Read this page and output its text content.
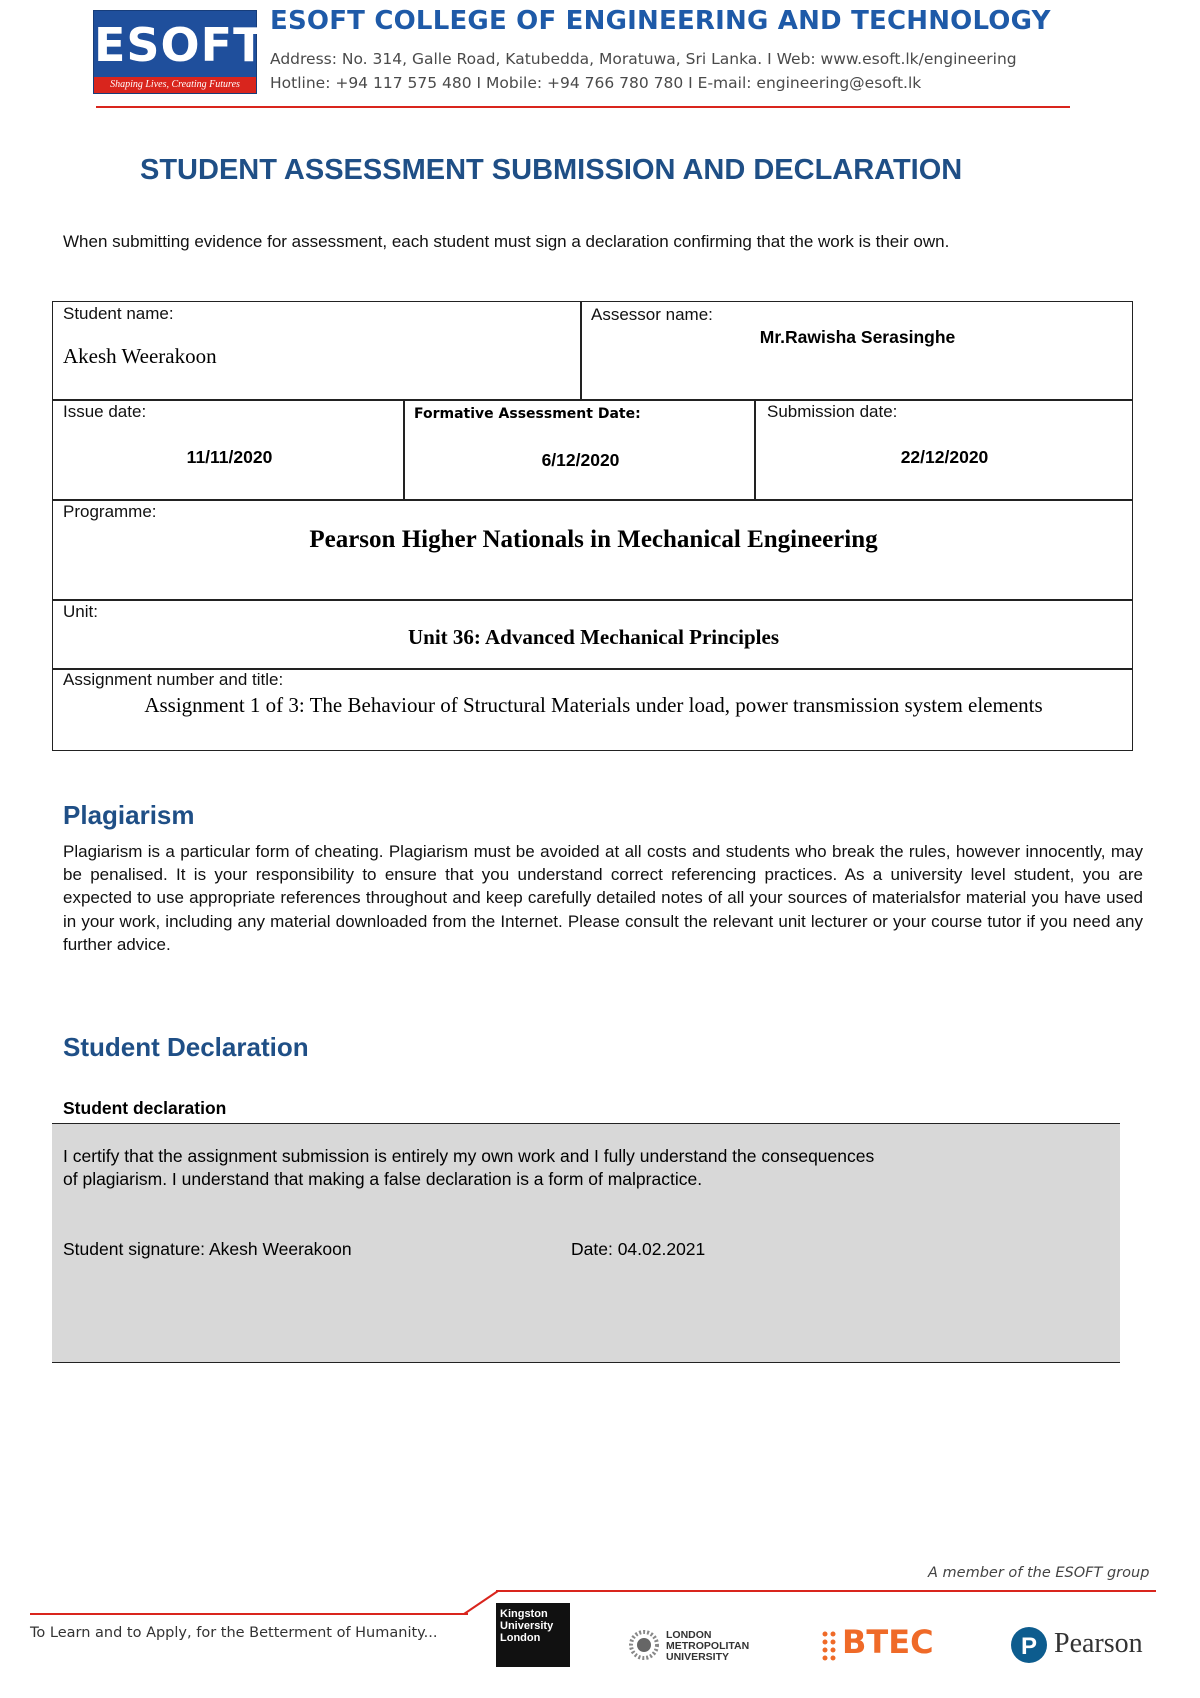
ESOFT
Shaping Lives, Creating Futures
ESOFT COLLEGE OF ENGINEERING AND TECHNOLOGY
Address: No. 314, Galle Road, Katubedda, Moratuwa, Sri Lanka. I Web: www.esoft.lk/engineering
Hotline: +94 117 575 480 I Mobile: +94 766 780 780 I E-mail: engineering@esoft.lk
STUDENT ASSESSMENT SUBMISSION AND DECLARATION
When submitting evidence for assessment, each student must sign a declaration confirming that the work is their own.
Student name:
Akesh Weerakoon
Assessor name:
Mr.Rawisha Serasinghe
Issue date:
11/11/2020
Formative Assessment Date:
6/12/2020
Submission date:
22/12/2020
Programme:
Pearson Higher Nationals in Mechanical Engineering
Unit:
Unit 36: Advanced Mechanical Principles
Assignment number and title:
Assignment 1 of 3: The Behaviour of Structural Materials under load, power transmission system elements
Plagiarism
Plagiarism is a particular form of cheating. Plagiarism must be avoided at all costs and students who break the rules, however innocently, may be penalised. It is your responsibility to ensure that you understand correct referencing practices. As a university level student, you are expected to use appropriate references throughout and keep carefully detailed notes of all your sources of materialsfor material you have used in your work, including any material downloaded from the Internet. Please consult the relevant unit lecturer or your course tutor if you need any further advice.
Student Declaration
Student declaration
I certify that the assignment submission is entirely my own work and I fully understand the consequences
of plagiarism. I understand that making a false declaration is a form of malpractice.
Student signature: Akesh Weerakoon	Date: 04.02.2021
A member of the ESOFT group
To Learn and to Apply, for the Betterment of Humanity...
Kingston University London	LONDON METROPOLITAN UNIVERSITY	BTEC	P Pearson
